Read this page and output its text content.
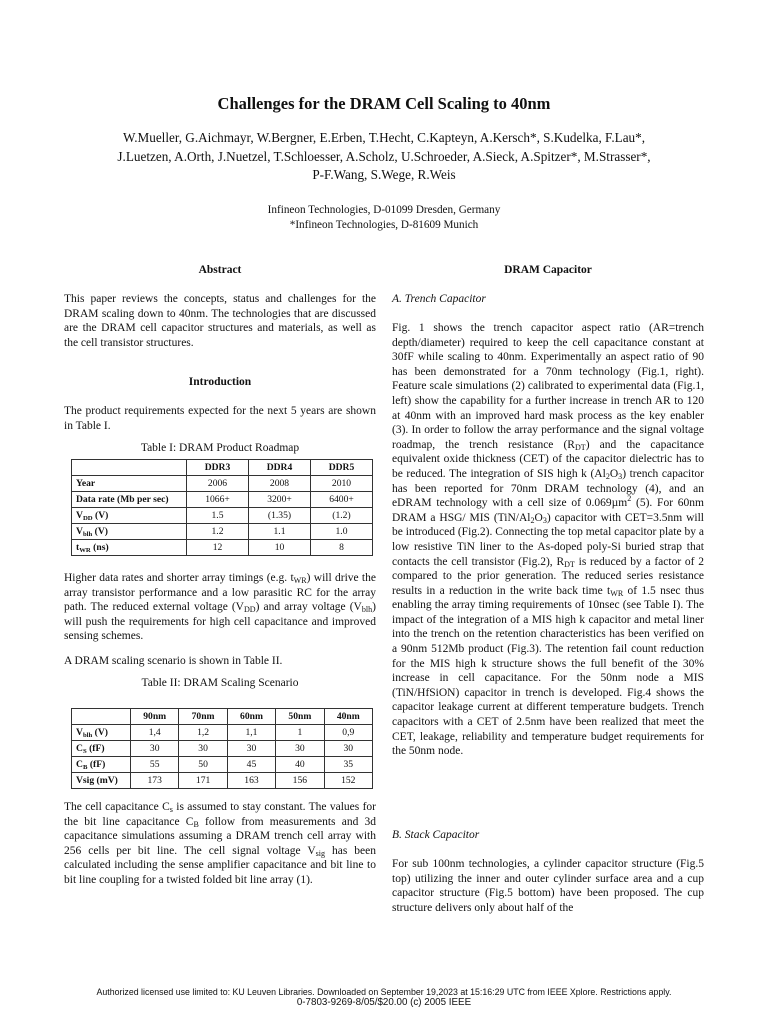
Challenges for the DRAM Cell Scaling to 40nm
W.Mueller, G.Aichmayr, W.Bergner, E.Erben, T.Hecht, C.Kapteyn, A.Kersch*, S.Kudelka, F.Lau*,
J.Luetzen, A.Orth, J.Nuetzel, T.Schloesser, A.Scholz, U.Schroeder, A.Sieck, A.Spitzer*, M.Strasser*,
P-F.Wang, S.Wege, R.Weis
Infineon Technologies, D-01099 Dresden, Germany
*Infineon Technologies, D-81609 Munich
Abstract

This paper reviews the concepts, status and challenges for the DRAM scaling down to 40nm. The technologies that are discussed are the DRAM cell capacitor structures and materials, as well as the cell transistor structures.

Introduction

The product requirements expected for the next 5 years are shown in Table I.

Table I: DRAM Product Roadmap
	DDR3	DDR4	DDR5
Year	2006	2008	2010
Data rate (Mb per sec)	1066+	3200+	6400+
$V_{DD}$ (V)	1.5	(1.35)	(1.2)
$V_{blh}$ (V)	1.2	1.1	1.0
$t_{WR}$ (ns)	12	10	8

Higher data rates and shorter array timings (e.g. $t_{WR}$) will drive the array transistor performance and a low parasitic RC for the array path. The reduced external voltage $(V_{DD})$ and array voltage $(V_{blh})$ will push the requirements for high cell capacitance and improved sensing schemes.

A DRAM scaling scenario is shown in Table II.

Table II: DRAM Scaling Scenario
	90nm	70nm	60nm	50nm	40nm
$V_{blh}$ (V)	1,4	1,2	1,1	1	0,9
$C_S$ (fF)	30	30	30	30	30
$C_B$ (fF)	55	50	45	40	35
Vsig (mV)	173	171	163	156	152

The cell capacitance $C_s$ is assumed to stay constant. The values for the bit line capacitance $C_B$ follow from measurements and 3d capacitance simulations assuming a DRAM trench cell array with 256 cells per bit line. The cell signal voltage $V_{sig}$ has been calculated including the sense amplifier capacitance and bit line to bit line coupling for a twisted folded bit line array (1).

DRAM Capacitor
A. Trench Capacitor

Fig. 1 shows the trench capacitor aspect ratio (AR=trench depth/diameter) required to keep the cell capacitance constant at 30fF while scaling to 40nm. Experimentally an aspect ratio of 90 has been demonstrated for a 70nm technology (Fig.1, right). Feature scale simulations (2) calibrated to experimental data (Fig.1, left) show the capability for a further increase in trench AR to 120 at 40nm with an improved hard mask process as the key enabler (3). In order to follow the array performance and the signal voltage roadmap, the trench resistance $(R_{DT})$ and the capacitance equivalent oxide thickness (CET) of the capacitor dielectric has to be reduced. The integration of SIS high k $(Al_2O_3)$ trench capacitor has been reported for 70nm DRAM technology (4), and an eDRAM technology with a cell size of 0.069µm$^2$ (5). For 60nm DRAM a HSG/ MIS $(TiN/Al_2O_3)$ capacitor with CET=3.5nm will be introduced (Fig.2). Connecting the top metal capacitor plate by a low resistive TiN liner to the As-doped poly-Si buried strap that contacts the cell transistor (Fig.2), $R_{DT}$ is reduced by a factor of 2 compared to the prior generation. The reduced series resistance results in a reduction in the write back time $t_{WR}$ of 1.5 nsec thus enabling the array timing requirements of 10nsec (see Table I). The impact of the integration of a MIS high k capacitor and metal liner into the trench on the retention characteristics has been verified on a 90nm 512Mb product (Fig.3). The retention fail count reduction for the MIS high k structure shows the full benefit of the 30% increase in cell capacitance. For the 50nm node a MIS (TiN/HfSiON) capacitor in trench is developed. Fig.4 shows the capacitor leakage current at different temperature budgets. Trench capacitors with a CET of 2.5nm have been realized that meet the CET, leakage, reliability and temperature budget requirements for the 50nm node.

B. Stack Capacitor

For sub 100nm technologies, a cylinder capacitor structure (Fig.5 top) utilizing the inner and outer cylinder surface area and a cup capacitor structure (Fig.5 bottom) have been proposed. The cup structure delivers only about half of the

Authorized licensed use limited to: KU Leuven Libraries. Downloaded on September 19,2023 at 15:16:29 UTC from IEEE Xplore. Restrictions apply.
0-7803-9269-8/05/$20.00 (c) 2005 IEEE
